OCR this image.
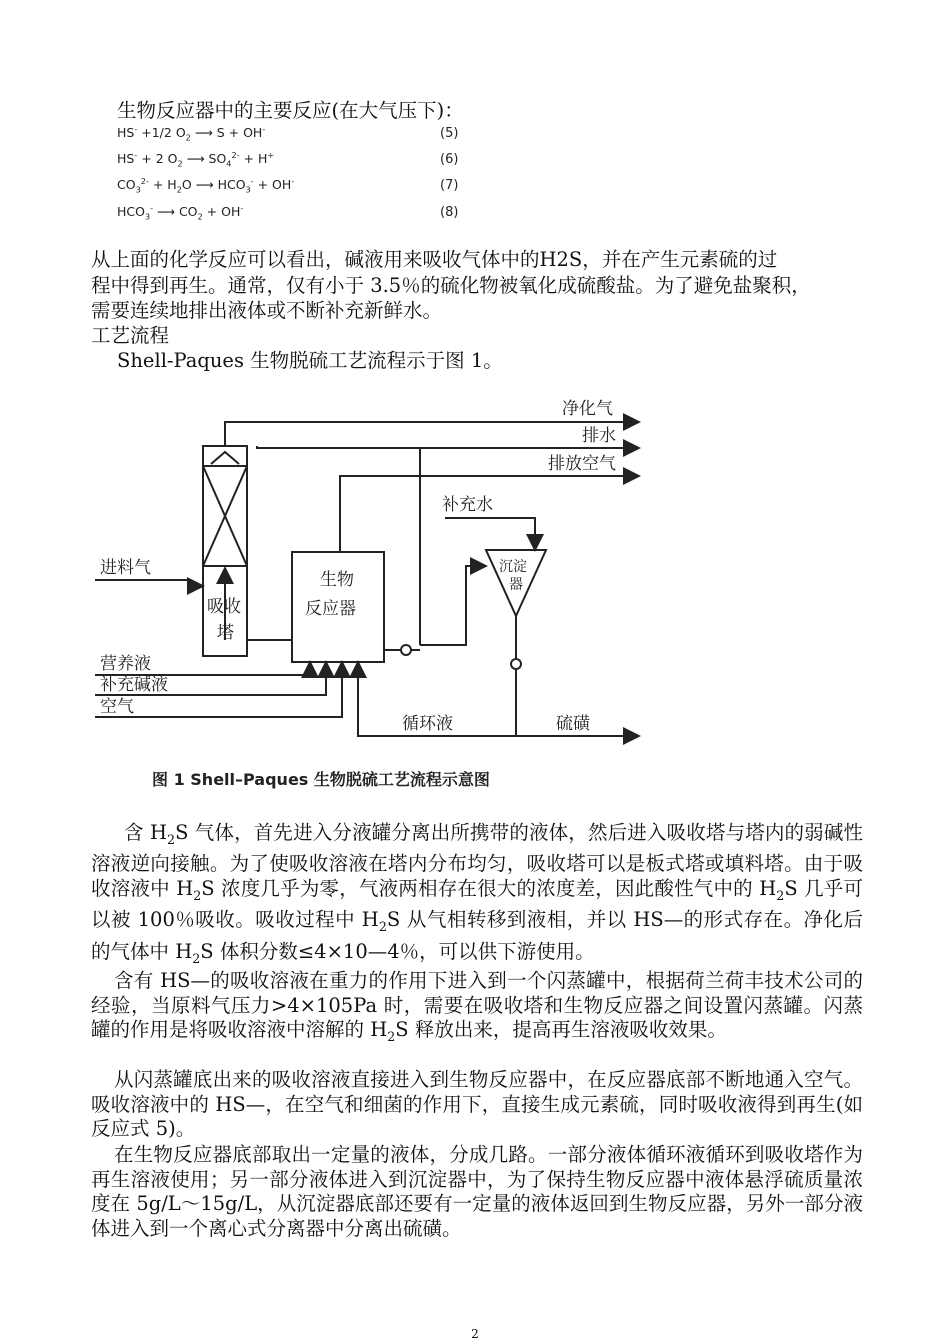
生物反应器中的主要反应(在大气压下)：
HS- +1/2 $O_2$ ⟶ S + OH-	(5)
HS- + 2 $O_2$ ⟶ $SO_4^{2-} + H^+$	(6)
$CO_3^{2-} + H_2O$ ⟶ $HCO_3^- + OH^-$	(7)
$HCO_3^-$ ⟶ $CO_2 + OH^-$	(8)
从上面的化学反应可以看出，碱液用来吸收气体中的H2S，并在产生元素硫的过
程中得到再生。通常，仅有小于 3.5％的硫化物被氧化成硫酸盐。为了避免盐聚积，
需要连续地排出液体或不断补充新鲜水。
工艺流程
Shell-Paques 生物脱硫工艺流程示于图 1。
净化气
排水
排放空气
补充水
沉淀
器
进料气
吸收
塔
生物
反应器
营养液
补充碱液
空气
循环液	硫磺
图 1 Shell–Paques 生物脱硫工艺流程示意图
含 $H_2S$ 气体，首先进入分液罐分离出所携带的液体，然后进入吸收塔与塔内的弱碱性溶液逆向接触。为了使吸收溶液在塔内分布均匀，吸收塔可以是板式塔或填料塔。由于吸收溶液中 $H_2S$ 浓度几乎为零，气液两相存在很大的浓度差，因此酸性气中的 $H_2S$ 几乎可以被 100％吸收。吸收过程中 $H_2S$ 从气相转移到液相，并以 HS—的形式存在。净化后的气体中 $H_2S$ 体积分数≤4×10—4％，可以供下游使用。
含有 HS—的吸收溶液在重力的作用下进入到一个闪蒸罐中，根据荷兰荷丰技术公司的经验，当原料气压力>4×105Pa 时，需要在吸收塔和生物反应器之间设置闪蒸罐。闪蒸罐的作用是将吸收溶液中溶解的 $H_2S$ 释放出来，提高再生溶液吸收效果。
从闪蒸罐底出来的吸收溶液直接进入到生物反应器中，在反应器底部不断地通入空气。吸收溶液中的 HS—，在空气和细菌的作用下，直接生成元素硫，同时吸收液得到再生(如反应式 5)。
在生物反应器底部取出一定量的液体，分成几路。一部分液体循环液循环到吸收塔作为再生溶液使用；另一部分液体进入到沉淀器中，为了保持生物反应器中液体悬浮硫质量浓度在 5g/L～15g/L，从沉淀器底部还要有一定量的液体返回到生物反应器，另外一部分液体进入到一个离心式分离器中分离出硫磺。
2
